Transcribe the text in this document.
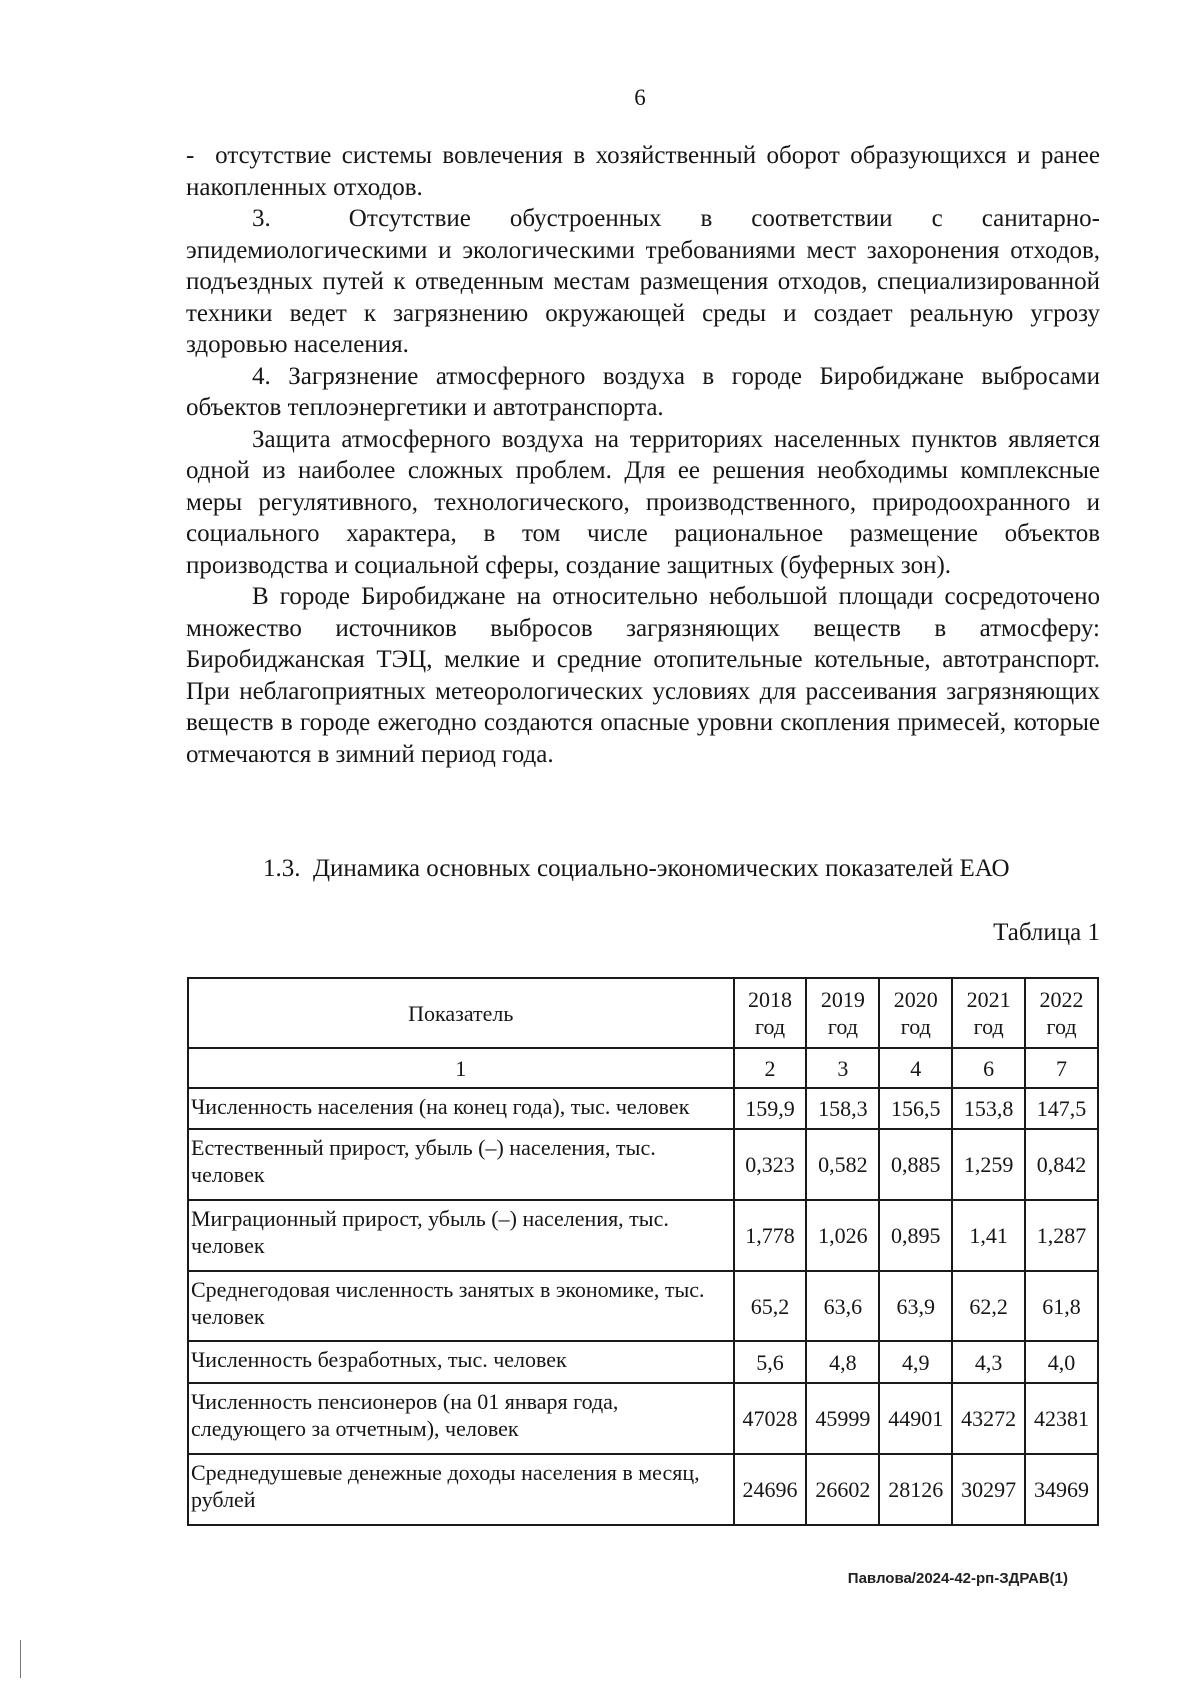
6

-  отсутствие системы вовлечения в хозяйственный оборот образующихся и ранее накопленных отходов.

3.  Отсутствие обустроенных в соответствии с санитарно-эпидемиологическими и экологическими требованиями мест захоронения отходов, подъездных путей к отведенным местам размещения отходов, специализированной техники ведет к загрязнению окружающей среды и создает реальную угрозу здоровью населения.

4. Загрязнение атмосферного воздуха в городе Биробиджане выбросами объектов теплоэнергетики и автотранспорта.

Защита атмосферного воздуха на территориях населенных пунктов является одной из наиболее сложных проблем. Для ее решения необходимы комплексные меры регулятивного, технологического, производственного, природоохранного и социального характера, в том числе рациональное размещение объектов производства и социальной сферы, создание защитных (буферных зон).

В городе Биробиджане на относительно небольшой площади сосредоточено множество источников выбросов загрязняющих веществ в атмосферу: Биробиджанская ТЭЦ, мелкие и средние отопительные котельные, автотранспорт. При неблагоприятных метеорологических условиях для рассеивания загрязняющих веществ в городе ежегодно создаются опасные уровни скопления примесей, которые отмечаются в зимний период года.

1.3.  Динамика основных социально-экономических показателей ЕАО
Таблица 1
Показатель	2018 год	2019 год	2020 год	2021 год	2022 год
1	2	3	4	6	7
Численность населения (на конец года), тыс. человек	159,9	158,3	156,5	153,8	147,5
Естественный прирост, убыль (–) населения, тыс. человек	0,323	0,582	0,885	1,259	0,842
Миграционный прирост, убыль (–) населения, тыс. человек	1,778	1,026	0,895	1,41	1,287
Среднегодовая численность занятых в экономике, тыс. человек	65,2	63,6	63,9	62,2	61,8
Численность безработных, тыс. человек	5,6	4,8	4,9	4,3	4,0
Численность пенсионеров (на 01 января года, следующего за отчетным), человек	47028	45999	44901	43272	42381
Среднедушевые денежные доходы населения в месяц, рублей	24696	26602	28126	30297	34969
Павлова/2024-42-рп-ЗДРАВ(1)
